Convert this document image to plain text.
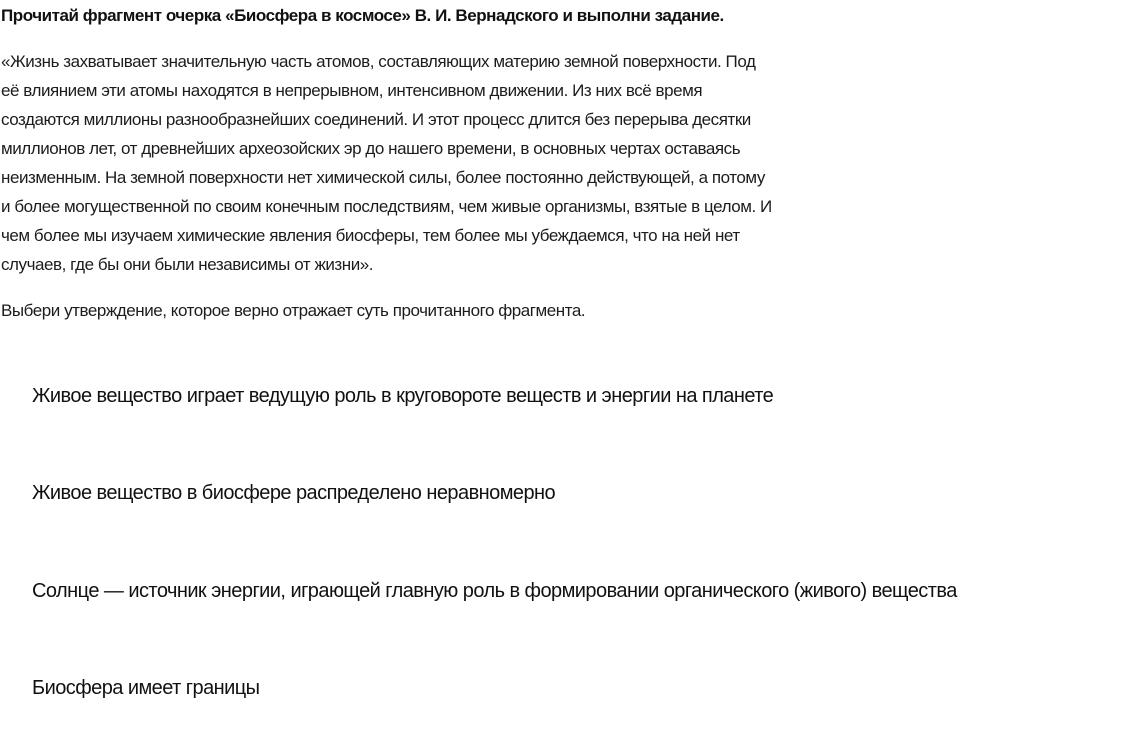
Прочитай фрагмент очерка «Биосфера в космосе» В. И. Вернадского и выполни задание.

«Жизнь захватывает значительную часть атомов, составляющих материю земной поверхности. Под
её влиянием эти атомы находятся в непрерывном, интенсивном движении. Из них всё время
создаются миллионы разнообразнейших соединений. И этот процесс длится без перерыва десятки
миллионов лет, от древнейших археозойских эр до нашего времени, в основных чертах оставаясь
неизменным. На земной поверхности нет химической силы, более постоянно действующей, а потому
и более могущественной по своим конечным последствиям, чем живые организмы, взятые в целом. И
чем более мы изучаем химические явления биосферы, тем более мы убеждаемся, что на ней нет
случаев, где бы они были независимы от жизни».

Выбери утверждение, которое верно отражает суть прочитанного фрагмента.
Живое вещество играет ведущую роль в круговороте веществ и энергии на планете
Живое вещество в биосфере распределено неравномерно
Солнце — источник энергии, играющей главную роль в формировании органического (живого) вещества
Биосфера имеет границы
